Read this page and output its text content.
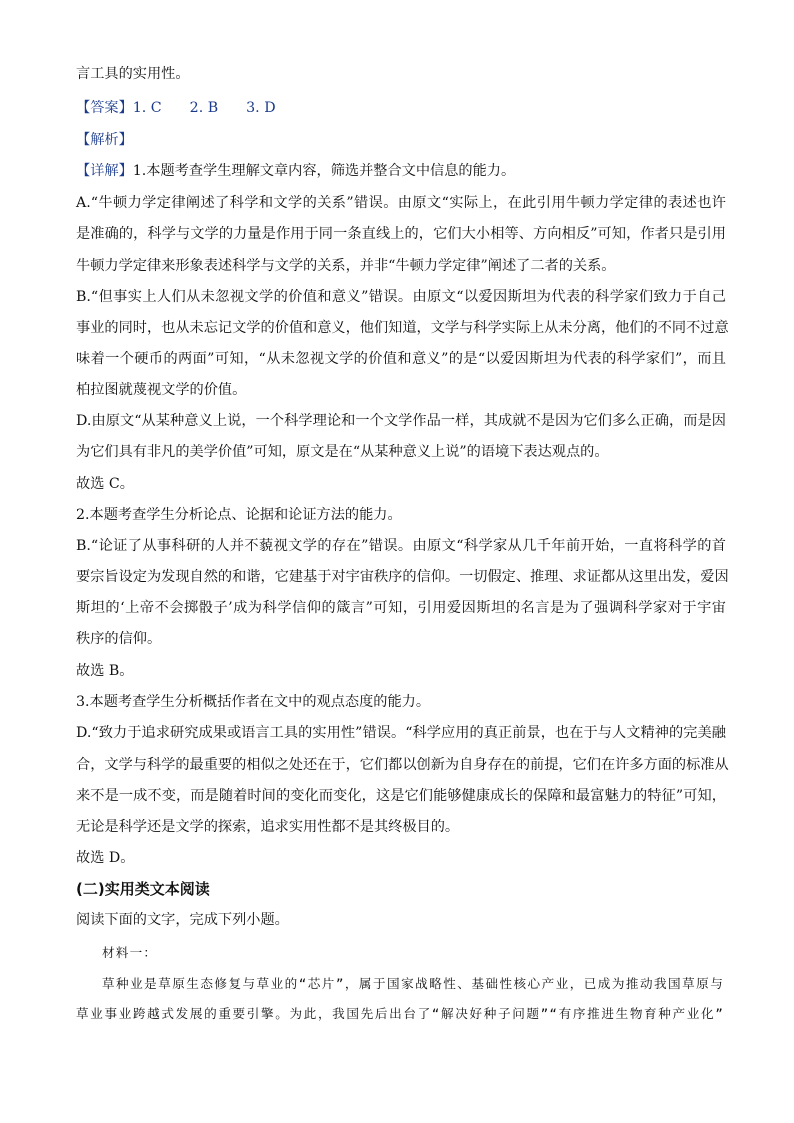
言工具的实用性。
【答案】1. C 2. B 3. D
【解析】
【详解】1.本题考查学生理解文章内容，筛选并整合文中信息的能力。
A.“牛顿力学定律阐述了科学和文学的关系”错误。由原文“实际上，在此引用牛顿力学定律的表述也许
是准确的，科学与文学的力量是作用于同一条直线上的，它们大小相等、方向相反”可知，作者只是引用
牛顿力学定律来形象表述科学与文学的关系，并非“牛顿力学定律”阐述了二者的关系。
B.“但事实上人们从未忽视文学的价值和意义”错误。由原文“以爱因斯坦为代表的科学家们致力于自己
事业的同时，也从未忘记文学的价值和意义，他们知道，文学与科学实际上从未分离，他们的不同不过意
味着一个硬币的两面”可知，“从未忽视文学的价值和意义”的是“以爱因斯坦为代表的科学家们”，而且
柏拉图就蔑视文学的价值。
D.由原文“从某种意义上说，一个科学理论和一个文学作品一样，其成就不是因为它们多么正确，而是因
为它们具有非凡的美学价值”可知，原文是在“从某种意义上说”的语境下表达观点的。
故选 C。
2.本题考查学生分析论点、论据和论证方法的能力。
B.“论证了从事科研的人并不藐视文学的存在”错误。由原文“科学家从几千年前开始，一直将科学的首
要宗旨设定为发现自然的和谐，它建基于对宇宙秩序的信仰。一切假定、推理、求证都从这里出发，爱因
斯坦的‘上帝不会掷骰子’成为科学信仰的箴言”可知，引用爱因斯坦的名言是为了强调科学家对于宇宙
秩序的信仰。
故选 B。
3.本题考查学生分析概括作者在文中的观点态度的能力。
D.“致力于追求研究成果或语言工具的实用性”错误。“科学应用的真正前景，也在于与人文精神的完美融
合，文学与科学的最重要的相似之处还在于，它们都以创新为自身存在的前提，它们在许多方面的标准从
来不是一成不变，而是随着时间的变化而变化，这是它们能够健康成长的保障和最富魅力的特征”可知，
无论是科学还是文学的探索，追求实用性都不是其终极目的。
故选 D。
(二)实用类文本阅读
阅读下面的文字，完成下列小题。
材料一：
草种业是草原生态修复与草业的“芯片”，属于国家战略性、基础性核心产业，已成为推动我国草原与
草业事业跨越式发展的重要引擎。为此，我国先后出台了“解决好种子问题”“有序推进生物育种产业化”
